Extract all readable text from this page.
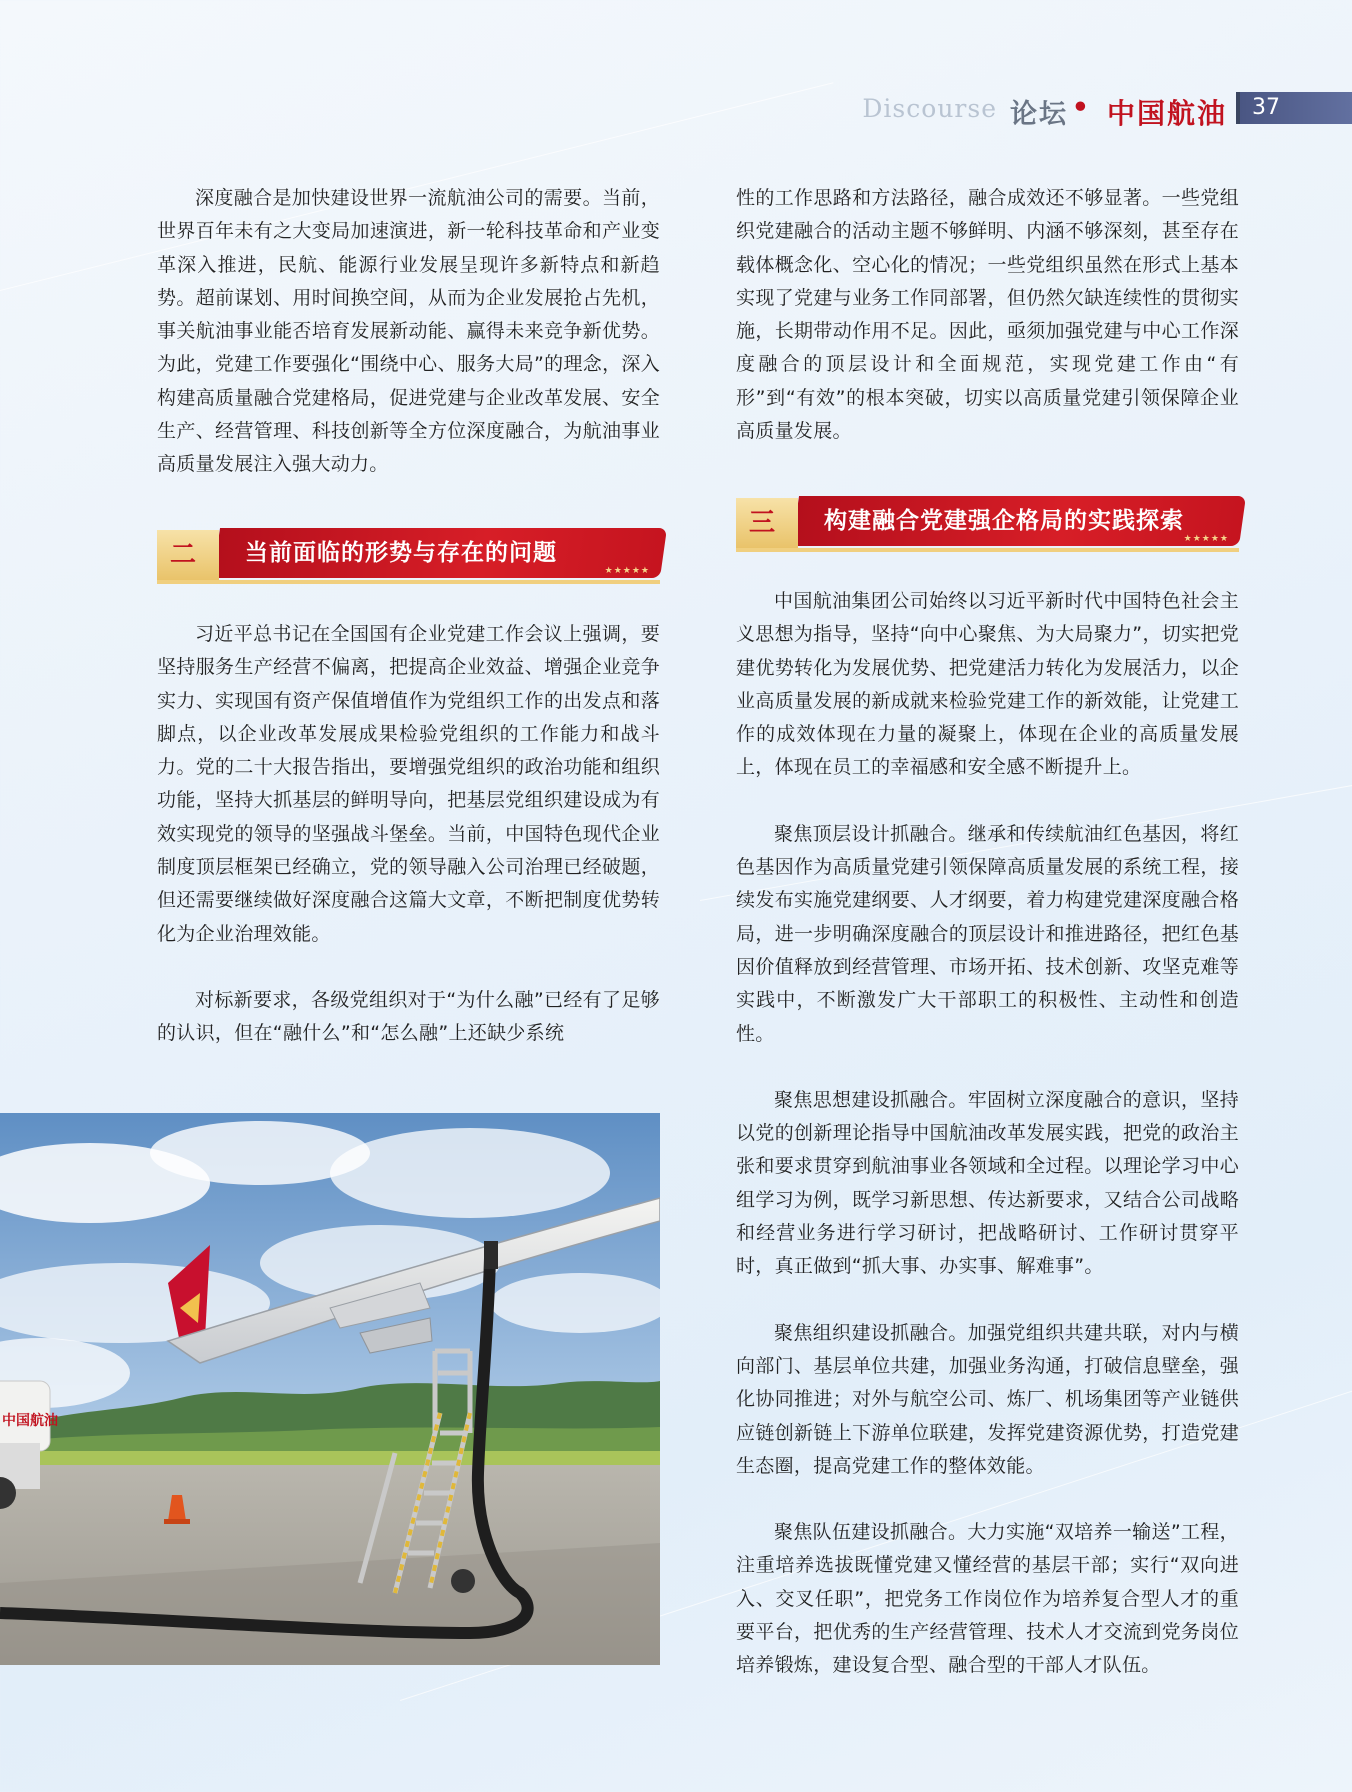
Discourse 论坛 • 中国航油	37

深度融合是加快建设世界一流航油公司的需要。当前，世界百年未有之大变局加速演进，新一轮科技革命和产业变革深入推进，民航、能源行业发展呈现许多新特点和新趋势。超前谋划、用时间换空间，从而为企业发展抢占先机，事关航油事业能否培育发展新动能、赢得未来竞争新优势。为此，党建工作要强化“围绕中心、服务大局”的理念，深入构建高质量融合党建格局，促进党建与企业改革发展、安全生产、经营管理、科技创新等全方位深度融合，为航油事业高质量发展注入强大动力。

二	当前面临的形势与存在的问题
★★★★★

习近平总书记在全国国有企业党建工作会议上强调，要坚持服务生产经营不偏离，把提高企业效益、增强企业竞争实力、实现国有资产保值增值作为党组织工作的出发点和落脚点，以企业改革发展成果检验党组织的工作能力和战斗力。党的二十大报告指出，要增强党组织的政治功能和组织功能，坚持大抓基层的鲜明导向，把基层党组织建设成为有效实现党的领导的坚强战斗堡垒。当前，中国特色现代企业制度顶层框架已经确立，党的领导融入公司治理已经破题，但还需要继续做好深度融合这篇大文章，不断把制度优势转化为企业治理效能。

对标新要求，各级党组织对于“为什么融”已经有了足够的认识，但在“融什么”和“怎么融”上还缺少系统

中国航油

性的工作思路和方法路径，融合成效还不够显著。一些党组织党建融合的活动主题不够鲜明、内涵不够深刻，甚至存在载体概念化、空心化的情况；一些党组织虽然在形式上基本实现了党建与业务工作同部署，但仍然欠缺连续性的贯彻实施，长期带动作用不足。因此，亟须加强党建与中心工作深度融合的顶层设计和全面规范，实现党建工作由“有形”到“有效”的根本突破，切实以高质量党建引领保障企业高质量发展。

三	构建融合党建强企格局的实践探索
★★★★★

中国航油集团公司始终以习近平新时代中国特色社会主义思想为指导，坚持“向中心聚焦、为大局聚力”，切实把党建优势转化为发展优势、把党建活力转化为发展活力，以企业高质量发展的新成就来检验党建工作的新效能，让党建工作的成效体现在力量的凝聚上，体现在企业的高质量发展上，体现在员工的幸福感和安全感不断提升上。

聚焦顶层设计抓融合。继承和传续航油红色基因，将红色基因作为高质量党建引领保障高质量发展的系统工程，接续发布实施党建纲要、人才纲要，着力构建党建深度融合格局，进一步明确深度融合的顶层设计和推进路径，把红色基因价值释放到经营管理、市场开拓、技术创新、攻坚克难等实践中，不断激发广大干部职工的积极性、主动性和创造性。

聚焦思想建设抓融合。牢固树立深度融合的意识，坚持以党的创新理论指导中国航油改革发展实践，把党的政治主张和要求贯穿到航油事业各领域和全过程。以理论学习中心组学习为例，既学习新思想、传达新要求，又结合公司战略和经营业务进行学习研讨，把战略研讨、工作研讨贯穿平时，真正做到“抓大事、办实事、解难事”。

聚焦组织建设抓融合。加强党组织共建共联，对内与横向部门、基层单位共建，加强业务沟通，打破信息壁垒，强化协同推进；对外与航空公司、炼厂、机场集团等产业链供应链创新链上下游单位联建，发挥党建资源优势，打造党建生态圈，提高党建工作的整体效能。

聚焦队伍建设抓融合。大力实施“双培养一输送”工程，注重培养选拔既懂党建又懂经营的基层干部；实行“双向进入、交叉任职”，把党务工作岗位作为培养复合型人才的重要平台，把优秀的生产经营管理、技术人才交流到党务岗位培养锻炼，建设复合型、融合型的干部人才队伍。
